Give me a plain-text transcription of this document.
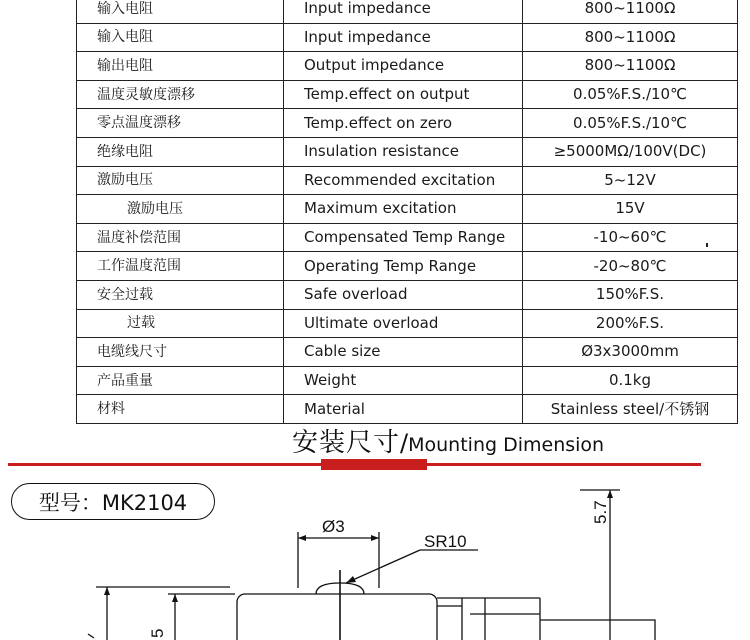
输入电阻	Input impedance	800~1100Ω
输入电阻	Input impedance	800~1100Ω
输出电阻	Output impedance	800~1100Ω
温度灵敏度漂移	Temp.effect on output	0.05%F.S./10℃
零点温度漂移	Temp.effect on zero	0.05%F.S./10℃
绝缘电阻	Insulation resistance	≥5000MΩ/100V(DC)
激励电压	Recommended excitation	5~12V
激励电压	Maximum excitation	15V
温度补偿范围	Compensated Temp Range	-10~60℃
工作温度范围	Operating Temp Range	-20~80℃
安全过载	Safe overload	150%F.S.
过载	Ultimate overload	200%F.S.
电缆线尺寸	Cable size	Ø3x3000mm
产品重量	Weight	0.1kg
材料	Material	Stainless steel/不锈钢
安装尺寸/Mounting Dimension
型号：MK2104
Ø3
SR10
5.7
5
